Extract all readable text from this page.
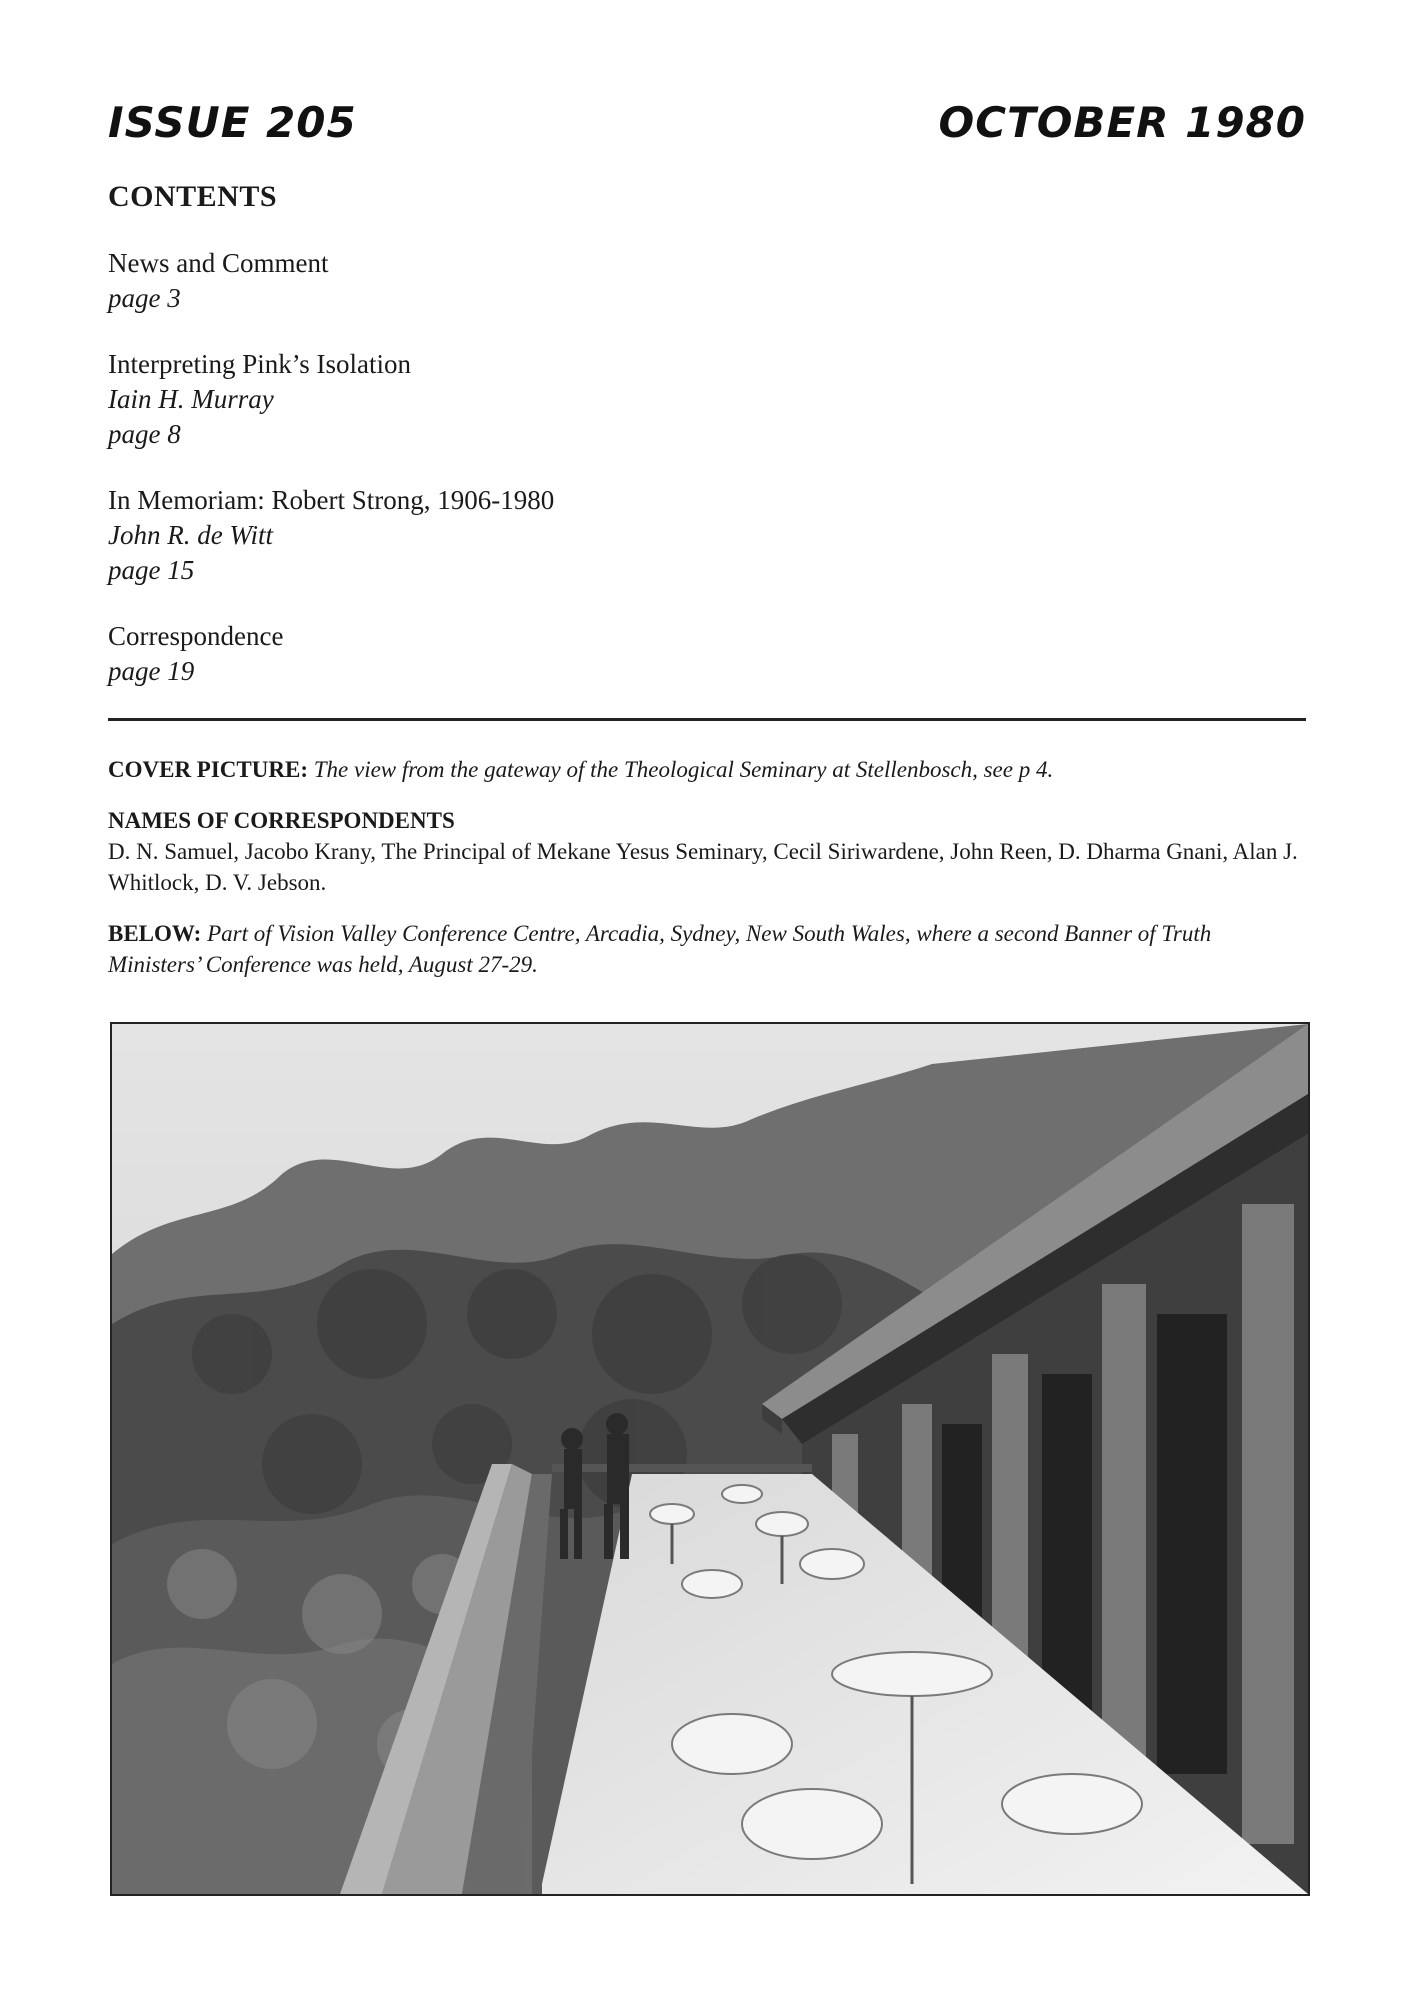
ISSUE 205	OCTOBER 1980
CONTENTS
News and Comment
page 3
Interpreting Pink’s Isolation
Iain H. Murray
page 8
In Memoriam: Robert Strong, 1906-1980
John R. de Witt
page 15
Correspondence
page 19

COVER PICTURE: The view from the gateway of the Theological Seminary at Stellenbosch, see p 4.

NAMES OF CORRESPONDENTS

D. N. Samuel, Jacobo Krany, The Principal of Mekane Yesus Seminary, Cecil Siriwardene, John Reen, D. Dharma Gnani, Alan J. Whitlock, D. V. Jebson.

BELOW: Part of Vision Valley Conference Centre, Arcadia, Sydney, New South Wales, where a second Banner of Truth Ministers’ Conference was held, August 27-29.
